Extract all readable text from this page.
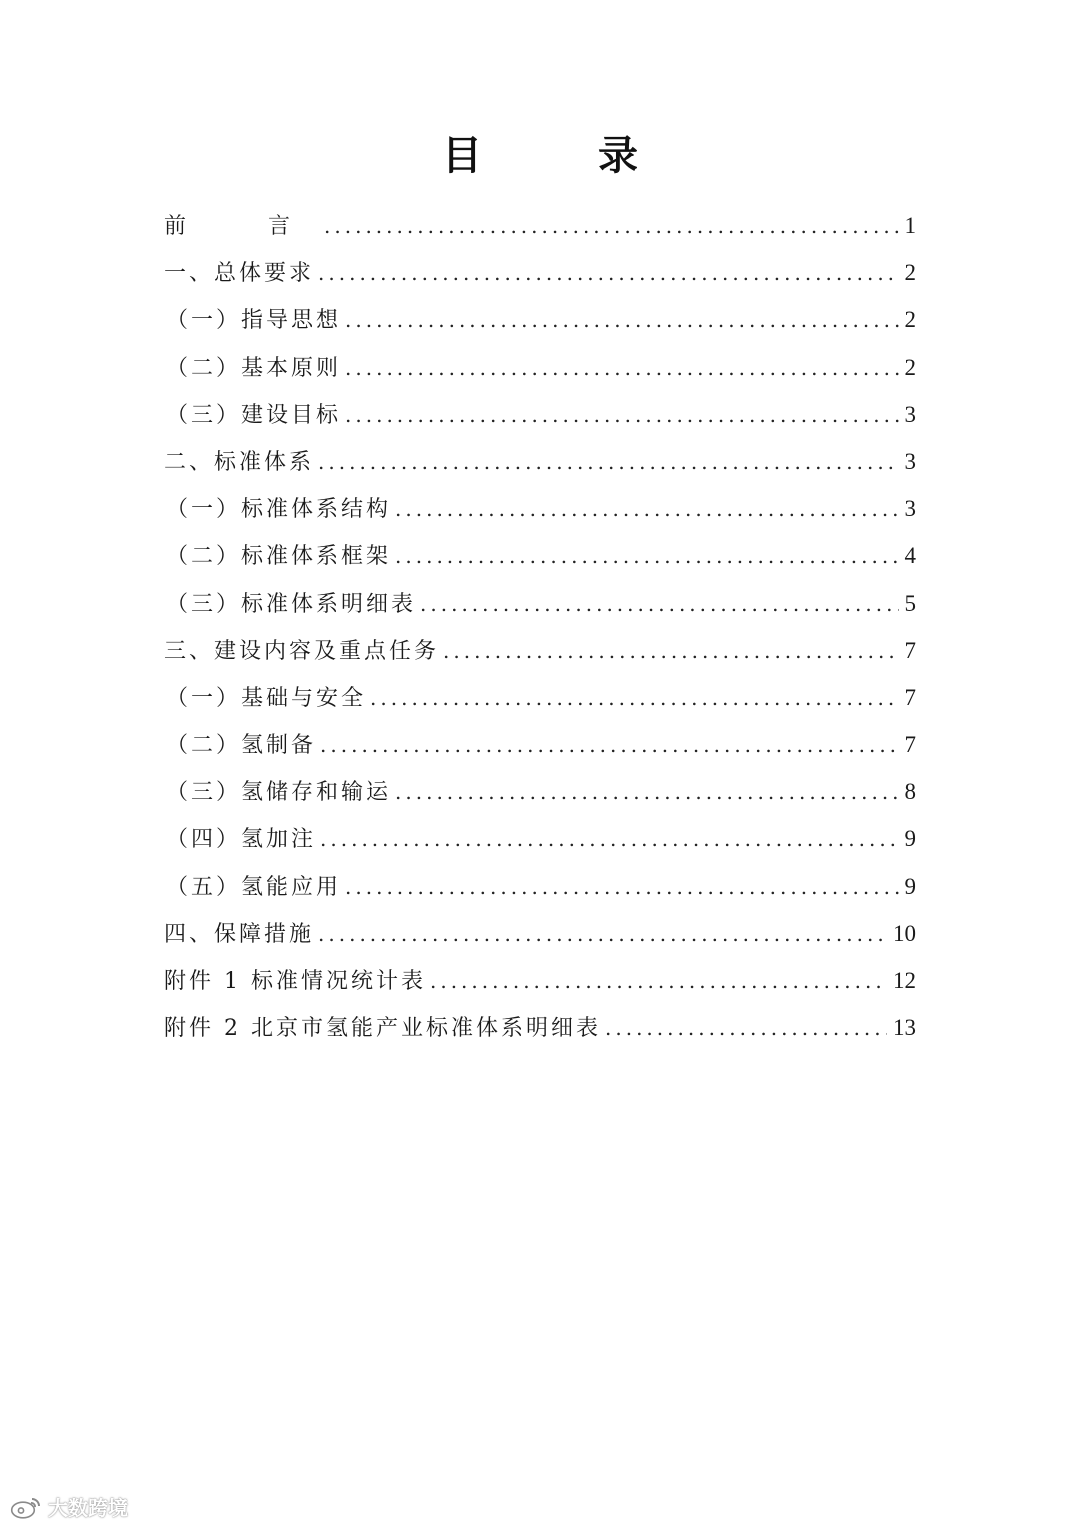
目　录
前　言 .....	1
一、总体要求 .....	2
（一）指导思想 .....	2
（二）基本原则 .....	2
（三）建设目标 .....	3
二、标准体系 .....	3
（一）标准体系结构 .....	3
（二）标准体系框架 .....	4
（三）标准体系明细表 .....	5
三、建设内容及重点任务 .....	7
（一）基础与安全 .....	7
（二）氢制备 .....	7
（三）氢储存和输运 .....	8
（四）氢加注 .....	9
（五）氢能应用 .....	9
四、保障措施 .....	10
附件 1 标准情况统计表 .....	12
附件 2 北京市氢能产业标准体系明细表 .....	13
大数跨境
